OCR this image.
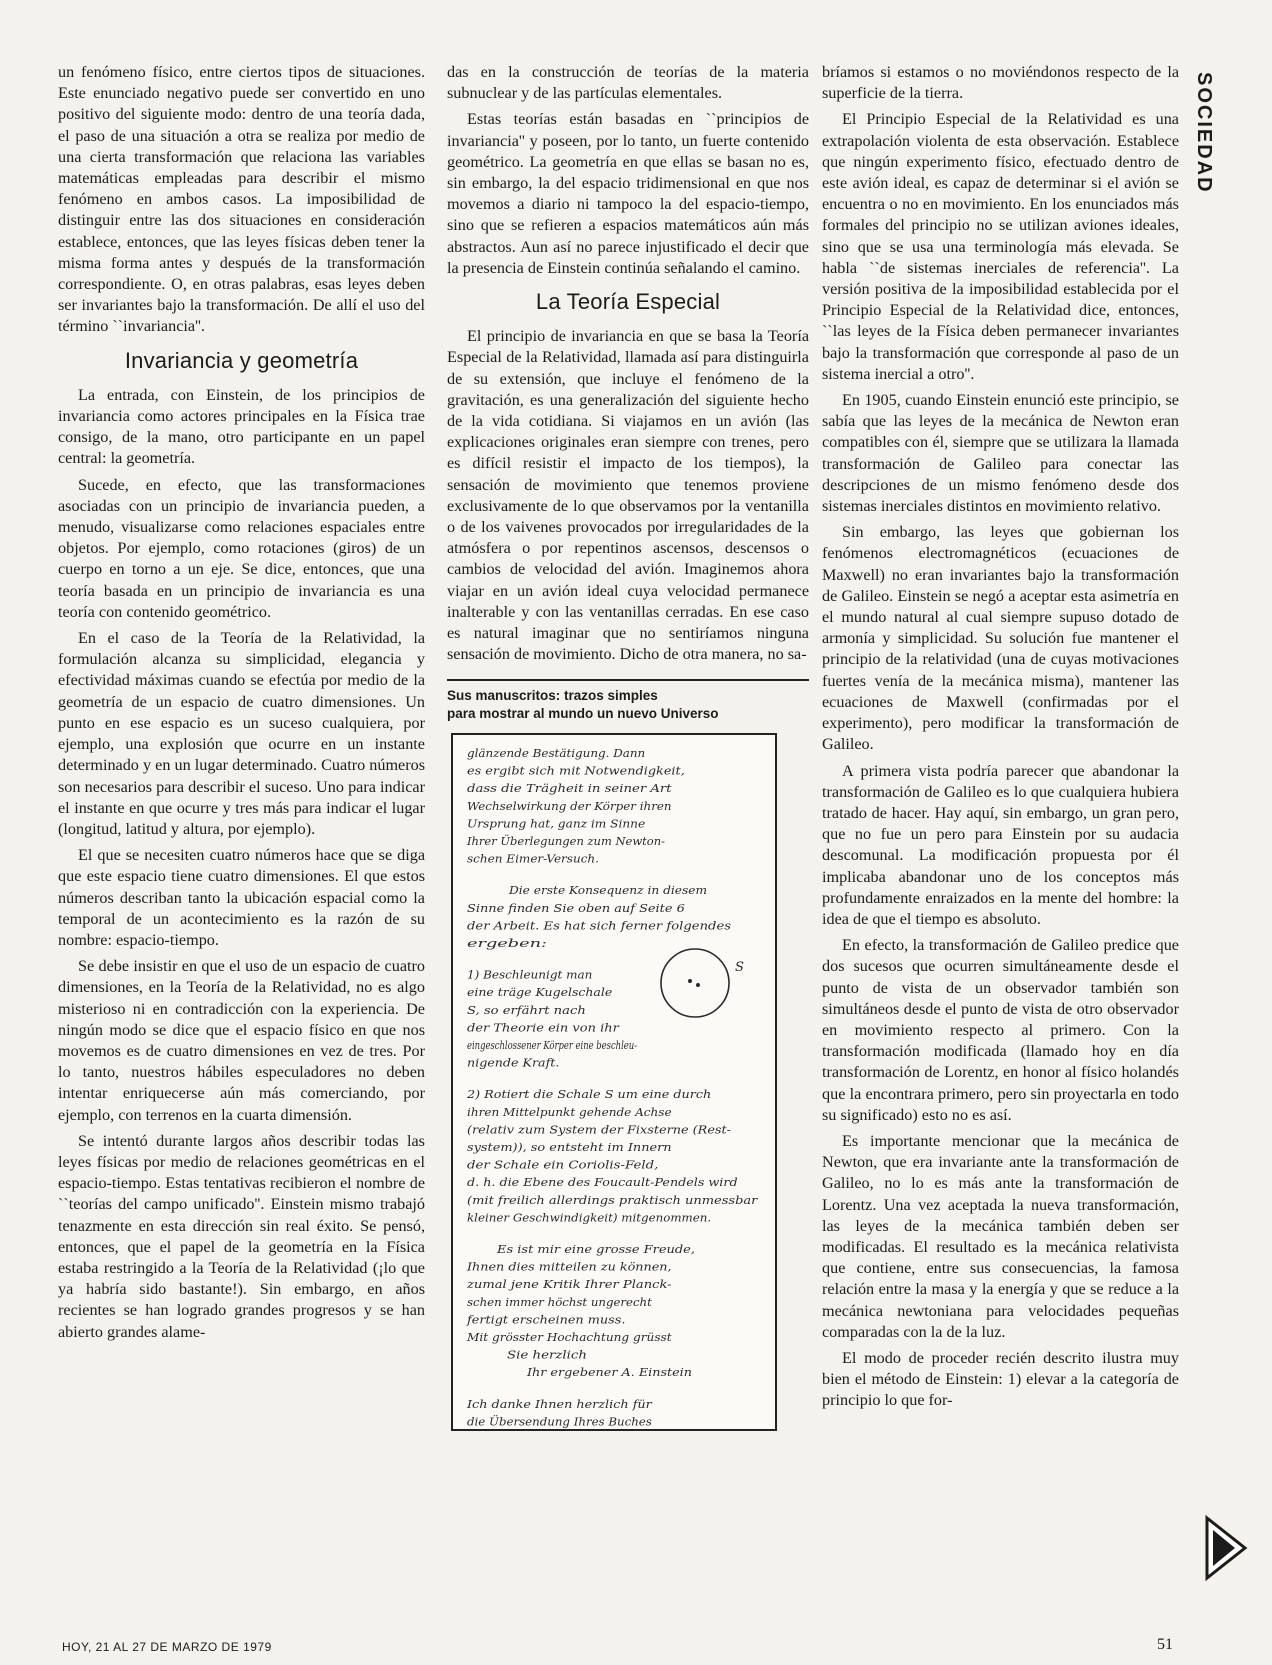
SOCIEDAD

un fenómeno físico, entre ciertos tipos de situaciones. Este enunciado negativo puede ser convertido en uno positivo del siguiente modo: dentro de una teoría dada, el paso de una situación a otra se realiza por medio de una cierta transformación que relaciona las variables matemáticas empleadas para describir el mismo fenómeno en ambos casos. La imposibilidad de distinguir entre las dos situaciones en consideración establece, entonces, que las leyes físicas deben tener la misma forma antes y después de la transformación correspondiente. O, en otras palabras, esas leyes deben ser invariantes bajo la transformación. De allí el uso del término ``invariancia''.

Invariancia y geometría

La entrada, con Einstein, de los principios de invariancia como actores principales en la Física trae consigo, de la mano, otro participante en un papel central: la geometría.

Sucede, en efecto, que las transformaciones asociadas con un principio de invariancia pueden, a menudo, visualizarse como relaciones espaciales entre objetos. Por ejemplo, como rotaciones (giros) de un cuerpo en torno a un eje. Se dice, entonces, que una teoría basada en un principio de invariancia es una teoría con contenido geométrico.

En el caso de la Teoría de la Relatividad, la formulación alcanza su simplicidad, elegancia y efectividad máximas cuando se efectúa por medio de la geometría de un espacio de cuatro dimensiones. Un punto en ese espacio es un suceso cualquiera, por ejemplo, una explosión que ocurre en un instante determinado y en un lugar determinado. Cuatro números son necesarios para describir el suceso. Uno para indicar el instante en que ocurre y tres más para indicar el lugar (longitud, latitud y altura, por ejemplo).

El que se necesiten cuatro números hace que se diga que este espacio tiene cuatro dimensiones. El que estos números describan tanto la ubicación espacial como la temporal de un acontecimiento es la razón de su nombre: espacio-tiempo.

Se debe insistir en que el uso de un espacio de cuatro dimensiones, en la Teoría de la Relatividad, no es algo misterioso ni en contradicción con la experiencia. De ningún modo se dice que el espacio físico en que nos movemos es de cuatro dimensiones en vez de tres. Por lo tanto, nuestros hábiles especuladores no deben intentar enriquecerse aún más comerciando, por ejemplo, con terrenos en la cuarta dimensión.

Se intentó durante largos años describir todas las leyes físicas por medio de relaciones geométricas en el espacio-tiempo. Estas tentativas recibieron el nombre de ``teorías del campo unificado''. Einstein mismo trabajó tenazmente en esta dirección sin real éxito. Se pensó, entonces, que el papel de la geometría en la Física estaba restringido a la Teoría de la Relatividad (¡lo que ya habría sido bastante!). Sin embargo, en años recientes se han logrado grandes progresos y se han abierto grandes alame-

das en la construcción de teorías de la materia subnuclear y de las partículas elementales.

Estas teorías están basadas en ``principios de invariancia'' y poseen, por lo tanto, un fuerte contenido geométrico. La geometría en que ellas se basan no es, sin embargo, la del espacio tridimensional en que nos movemos a diario ni tampoco la del espacio-tiempo, sino que se refieren a espacios matemáticos aún más abstractos. Aun así no parece injustificado el decir que la presencia de Einstein continúa señalando el camino.

La Teoría Especial

El principio de invariancia en que se basa la Teoría Especial de la Relatividad, llamada así para distinguirla de su extensión, que incluye el fenómeno de la gravitación, es una generalización del siguiente hecho de la vida cotidiana. Si viajamos en un avión (las explicaciones originales eran siempre con trenes, pero es difícil resistir el impacto de los tiempos), la sensación de movimiento que tenemos proviene exclusivamente de lo que observamos por la ventanilla o de los vaivenes provocados por irregularidades de la atmósfera o por repentinos ascensos, descensos o cambios de velocidad del avión. Imaginemos ahora viajar en un avión ideal cuya velocidad permanece inalterable y con las ventanillas cerradas. En ese caso es natural imaginar que no sentiríamos ninguna sensación de movimiento. Dicho de otra manera, no sa-

Sus manuscritos: trazos simples
para mostrar al mundo un nuevo Universo
glänzende Bestätigung. Dann
es ergibt sich mit Notwendigkeit,
dass die Trägheit in seiner Art
Wechselwirkung der Körper ihren
Ursprung hat, ganz im Sinne
Ihrer Überlegungen zum Newton-
schen Eimer-Versuch.
Die erste Konsequenz in diesem
Sinne finden Sie oben auf Seite 6
der Arbeit. Es hat sich ferner folgendes
ergeben:
1) Beschleunigt man
eine träge Kugelschale
S, so erfährt nach
der Theorie ein von ihr
eingeschlossener Körper eine beschleu-
nigende Kraft.
2) Rotiert die Schale S um eine durch
ihren Mittelpunkt gehende Achse
(relativ zum System der Fixsterne (Rest-
system)), so entsteht im Innern
der Schale ein Coriolis-Feld,
d. h. die Ebene des Foucault-Pendels wird
(mit freilich allerdings praktisch unmessbar
kleiner Geschwindigkeit) mitgenommen.
Es ist mir eine grosse Freude,
Ihnen dies mitteilen zu können,
zumal jene Kritik Ihrer Planck-
schen immer höchst ungerecht
fertigt erscheinen muss.
Mit grösster Hochachtung grüsst
Sie herzlich
Ihr ergebener A. Einstein
Ich danke Ihnen herzlich für
die Übersendung Ihres Buches
S

bríamos si estamos o no moviéndonos respecto de la superficie de la tierra.

El Principio Especial de la Relatividad es una extrapolación violenta de esta observación. Establece que ningún experimento físico, efectuado dentro de este avión ideal, es capaz de determinar si el avión se encuentra o no en movimiento. En los enunciados más formales del principio no se utilizan aviones ideales, sino que se usa una terminología más elevada. Se habla ``de sistemas inerciales de referencia''. La versión positiva de la imposibilidad establecida por el Principio Especial de la Relatividad dice, entonces, ``las leyes de la Física deben permanecer invariantes bajo la transformación que corresponde al paso de un sistema inercial a otro''.

En 1905, cuando Einstein enunció este principio, se sabía que las leyes de la mecánica de Newton eran compatibles con él, siempre que se utilizara la llamada transformación de Galileo para conectar las descripciones de un mismo fenómeno desde dos sistemas inerciales distintos en movimiento relativo.

Sin embargo, las leyes que gobiernan los fenómenos electromagnéticos (ecuaciones de Maxwell) no eran invariantes bajo la transformación de Galileo. Einstein se negó a aceptar esta asimetría en el mundo natural al cual siempre supuso dotado de armonía y simplicidad. Su solución fue mantener el principio de la relatividad (una de cuyas motivaciones fuertes venía de la mecánica misma), mantener las ecuaciones de Maxwell (confirmadas por el experimento), pero modificar la transformación de Galileo.

A primera vista podría parecer que abandonar la transformación de Galileo es lo que cualquiera hubiera tratado de hacer. Hay aquí, sin embargo, un gran pero, que no fue un pero para Einstein por su audacia descomunal. La modificación propuesta por él implicaba abandonar uno de los conceptos más profundamente enraizados en la mente del hombre: la idea de que el tiempo es absoluto.

En efecto, la transformación de Galileo predice que dos sucesos que ocurren simultáneamente desde el punto de vista de un observador también son simultáneos desde el punto de vista de otro observador en movimiento respecto al primero. Con la transformación modificada (llamado hoy en día transformación de Lorentz, en honor al físico holandés que la encontrara primero, pero sin proyectarla en todo su significado) esto no es así.

Es importante mencionar que la mecánica de Newton, que era invariante ante la transformación de Galileo, no lo es más ante la transformación de Lorentz. Una vez aceptada la nueva transformación, las leyes de la mecánica también deben ser modificadas. El resultado es la mecánica relativista que contiene, entre sus consecuencias, la famosa relación entre la masa y la energía y que se reduce a la mecánica newtoniana para velocidades pequeñas comparadas con la de la luz.

El modo de proceder recién descrito ilustra muy bien el método de Einstein: 1) elevar a la categoría de principio lo que for-

HOY, 21 AL 27 DE MARZO DE 1979	51
